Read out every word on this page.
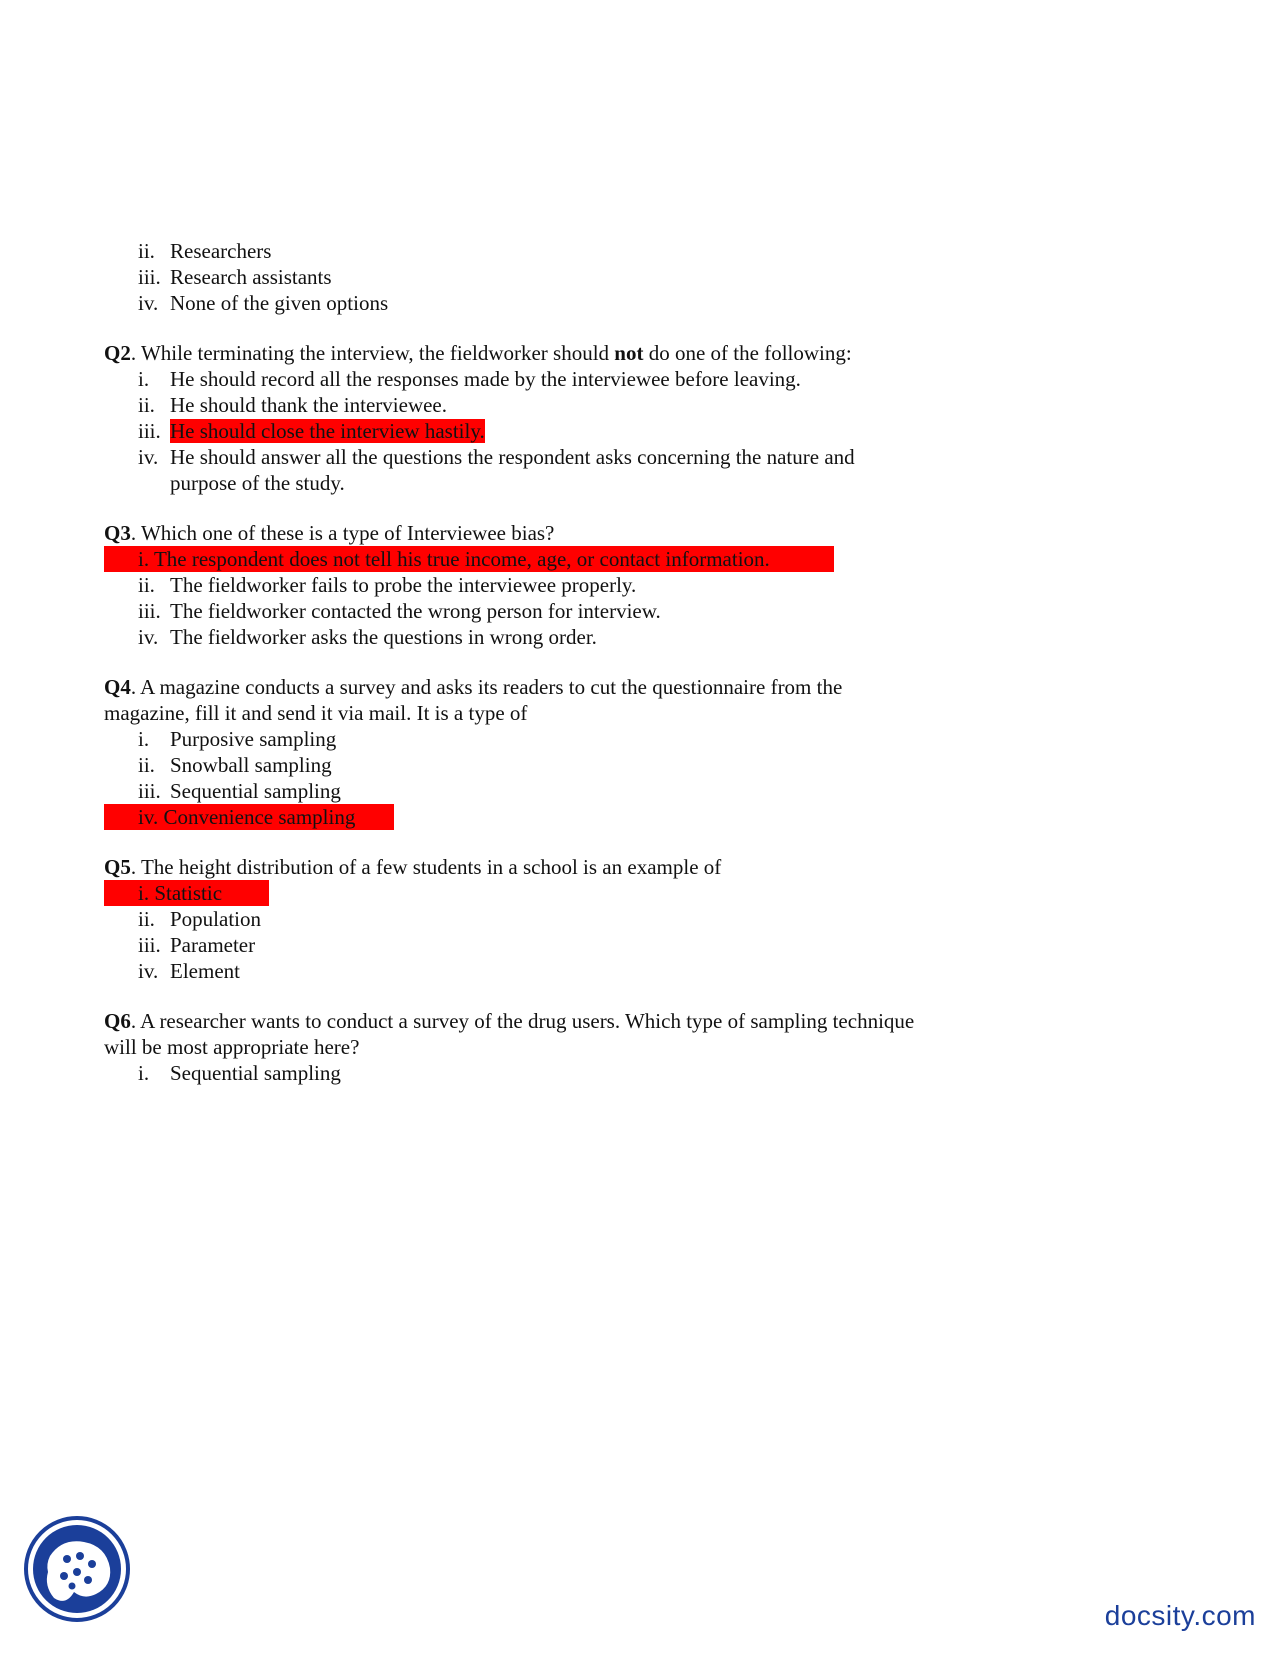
ii. Researchers
iii. Research assistants
iv. None of the given options

Q2. While terminating the interview, the fieldworker should not do one of the following:

i. He should record all the responses made by the interviewee before leaving.
ii. He should thank the interviewee.
iii. He should close the interview hastily.
iv. He should answer all the questions the respondent asks concerning the nature and purpose of the study.

Q3. Which one of these is a type of Interviewee bias?

i. The respondent does not tell his true income, age, or contact information.
ii. The fieldworker fails to probe the interviewee properly.
iii. The fieldworker contacted the wrong person for interview.
iv. The fieldworker asks the questions in wrong order.

Q4. A magazine conducts a survey and asks its readers to cut the questionnaire from the magazine, fill it and send it via mail. It is a type of

i. Purposive sampling
ii. Snowball sampling
iii. Sequential sampling
iv. Convenience sampling

Q5. The height distribution of a few students in a school is an example of

i. Statistic
ii. Population
iii. Parameter
iv. Element

Q6. A researcher wants to conduct a survey of the drug users. Which type of sampling technique will be most appropriate here?

i. Sequential sampling
docsity.com
